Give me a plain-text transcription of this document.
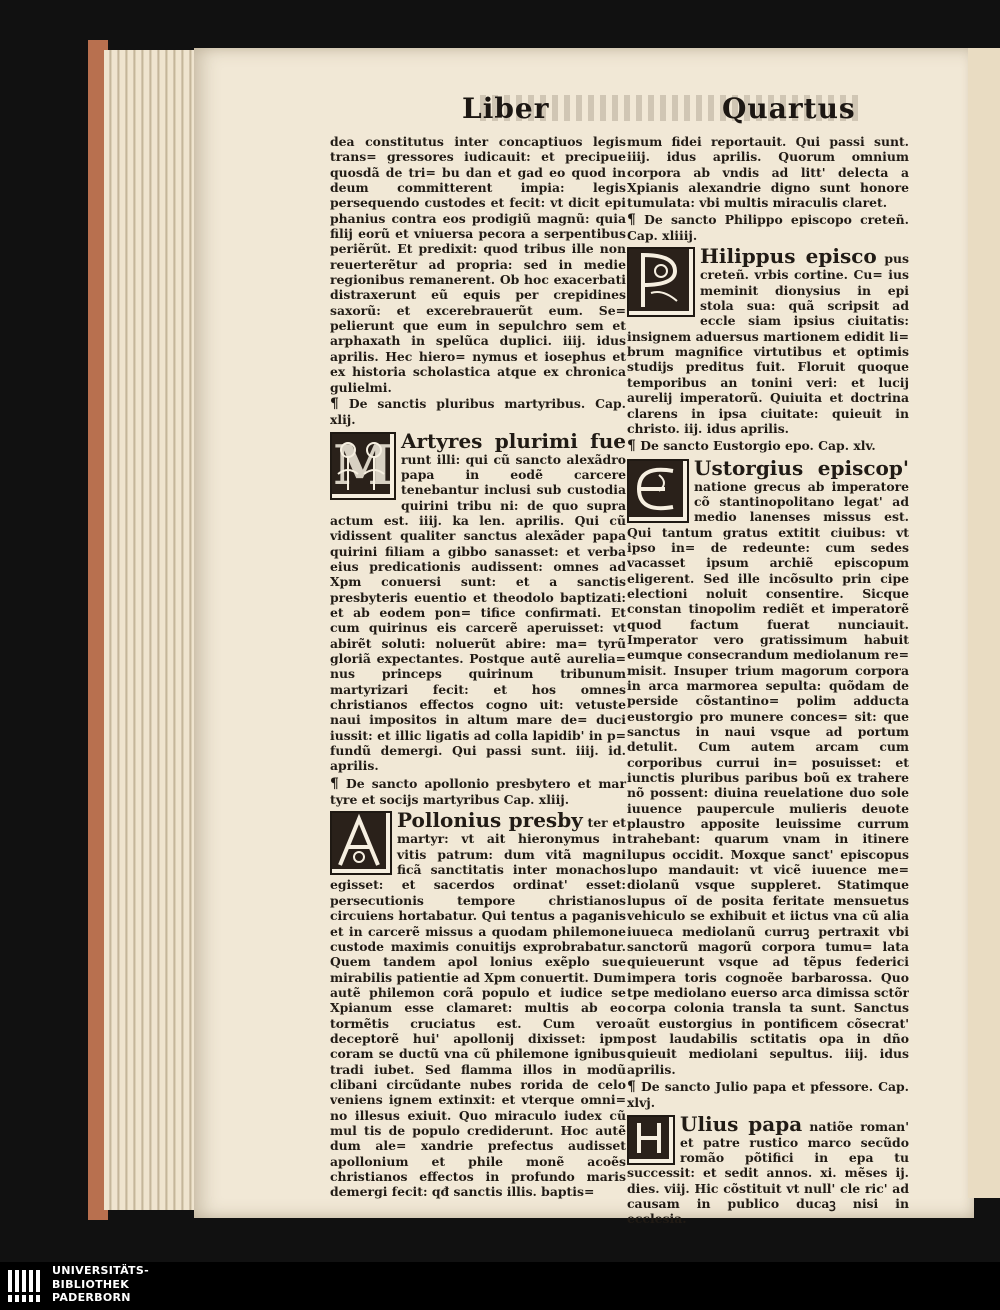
Liber	Quartus

dea constitutus inter concaptiuos legis trans= gressores iudicauit: et precipue quosdã de tri= bu dan et gad eo quod in deum committerent impia: legis persequendo custodes et fecit: vt dicit epi phanius contra eos prodigiũ magnũ: quia filij eorũ et vniuersa pecora a serpentibus periẽrũt. Et predixit: quod tribus ille non reuerterẽtur ad propria: sed in medie regionibus remanerent. Ob hoc exacerbati distraxerunt eũ equis per crepidines saxorũ: et excerebrauerũt eum. Se= pelierunt que eum in sepulchro sem et arphaxath in spelũca duplici. iiij. idus aprilis. Hec hiero= nymus et iosephus et ex historia scholastica atque ex chronica gulielmi.

¶ De sanctis pluribus martyribus. Cap. xlij.

M Artyres plurimi fue runt illi: qui cũ sancto alexãdro papa in eodẽ carcere tenebantur inclusi sub custodia quirini tribu ni: de quo supra actum est. iiij. ka len. aprilis. Qui cũ vidissent qualiter sanctus alexãder papa quirini filiam a gibbo sanasset: et verba eius predicationis audissent: omnes ad Xpm conuersi sunt: et a sanctis presbyteris euentio et theodolo baptizati: et ab eodem pon= tifice confirmati. Et cum quirinus eis carcerẽ aperuisset: vt abirẽt soluti: noluerũt abire: ma= tyrũ gloriã expectantes. Postque autẽ aurelia= nus princeps quirinum tribunum martyrizari fecit: et hos omnes christianos effectos cogno uit: vetuste naui impositos in altum mare de= duci iussit: et illic ligatis ad colla lapidib' in p= fundũ demergi. Qui passi sunt. iiij. id. aprilis.

¶ De sancto apollonio presbytero et mar tyre et socijs martyribus Cap. xliij.

Pollonius presby ter et martyr: vt ait hieronymus in vitis patrum: dum vitã magni ficã sanctitatis inter monachos egisset: et sacerdos ordinat' esset: persecutionis tempore christianos circuiens hortabatur. Qui tentus a paganis et in carcerẽ missus a quodam philemone custode maximis conuitijs exprobrabatur. Quem tandem apol lonius exẽplo sue mirabilis patientie ad Xpm conuertit. Dum autẽ philemon corã populo et iudice se Xpianum esse clamaret: multis ab eo tormẽtis cruciatus est. Cum vero deceptorẽ hui' apollonij dixisset: ipm coram se ductũ vna cũ philemone ignibus tradi iubet. Sed flamma illos in modũ clibani circũdante nubes rorida de celo veniens ignem extinxit: et vterque omni= no illesus exiuit. Quo miraculo iudex cũ mul tis de populo crediderunt. Hoc autẽ dum ale= xandrie prefectus audisset apollonium et phile monẽ acoẽs christianos effectos in profundo maris demergi fecit: qđ sanctis illis. baptis=

mum fidei reportauit. Qui passi sunt. iiij. idus aprilis. Quorum omnium corpora ab vndis ad litt' delecta a Xpianis alexandrie digno sunt honore tumulata: vbi multis miraculis claret.

¶ De sancto Philippo episcopo creteñ. Cap. xliiij.

Hilippus episco pus creteñ. vrbis cortine. Cu= ius meminit dionysius in epi stola sua: quã scripsit ad eccle siam ipsius ciuitatis: insignem aduersus martionem edidit li= brum magnifice virtutibus et optimis studijs preditus fuit. Floruit quoque temporibus an tonini veri: et lucij aurelij imperatorũ. Quiuita et doctrina clarens in ipsa ciuitate: quieuit in christo. iij. idus aprilis.

¶ De sancto Eustorgio epo. Cap. xlv.

Ustorgius episcop' natione grecus ab imperatore cõ stantinopolitano legat' ad medio lanenses missus est. Qui tantum gratus extitit ciuibus: vt ipso in= de redeunte: cum sedes vacasset ipsum archiẽ episcopum eligerent. Sed ille incõsulto prin cipe electioni noluit consentire. Sicque constan tinopolim rediẽt et imperatorẽ quod factum fuerat nunciauit. Imperator vero gratissimum habuit eumque consecrandum mediolanum re= misit. Insuper trium magorum corpora in arca marmorea sepulta: quõdam de perside cõstantino= polim adducta eustorgio pro munere conces= sit: que sanctus in naui vsque ad portum detulit. Cum autem arcam cum corporibus currui in= posuisset: et iunctis pluribus paribus boũ ex trahere nõ possent: diuina reuelatione duo sole iuuence paupercule mulieris deuote plaustro apposite leuissime currum trahebant: quarum vnam in itinere lupus occidit. Moxque sanct' episcopus lupo mandauit: vt vicẽ iuuence me= diolanũ vsque suppleret. Statimque lupus oĩ de posita feritate mensuetus vehiculo se exhibuit et iictus vna cũ alia iuueca mediolanũ curruꝫ pertraxit vbi sanctorũ magorũ corpora tumu= lata quieuerunt vsque ad tẽpus federici impera toris cognoẽe barbarossa. Quo tpe mediolano euerso arca dimissa sctõr corpa colonia transla ta sunt. Sanctus aũt eustorgius in pontificem cõsecrat' post laudabilis sctitatis opa in dño quieuit mediolani sepultus. iiij. idus aprilis.

¶ De sancto Julio papa et pfessore. Cap. xlvj.

Ulius papa natiõe roman' et patre rustico marco secũdo romão põtifici in epa tu successit: et sedit annos. xi. mẽses ij. dies. viij. Hic cõstituit vt null' cle ric' ad causam in publico ducaꝫ nisi in ecclesia.
UNIVERSITÄTS-
BIBLIOTHEK
PADERBORN
